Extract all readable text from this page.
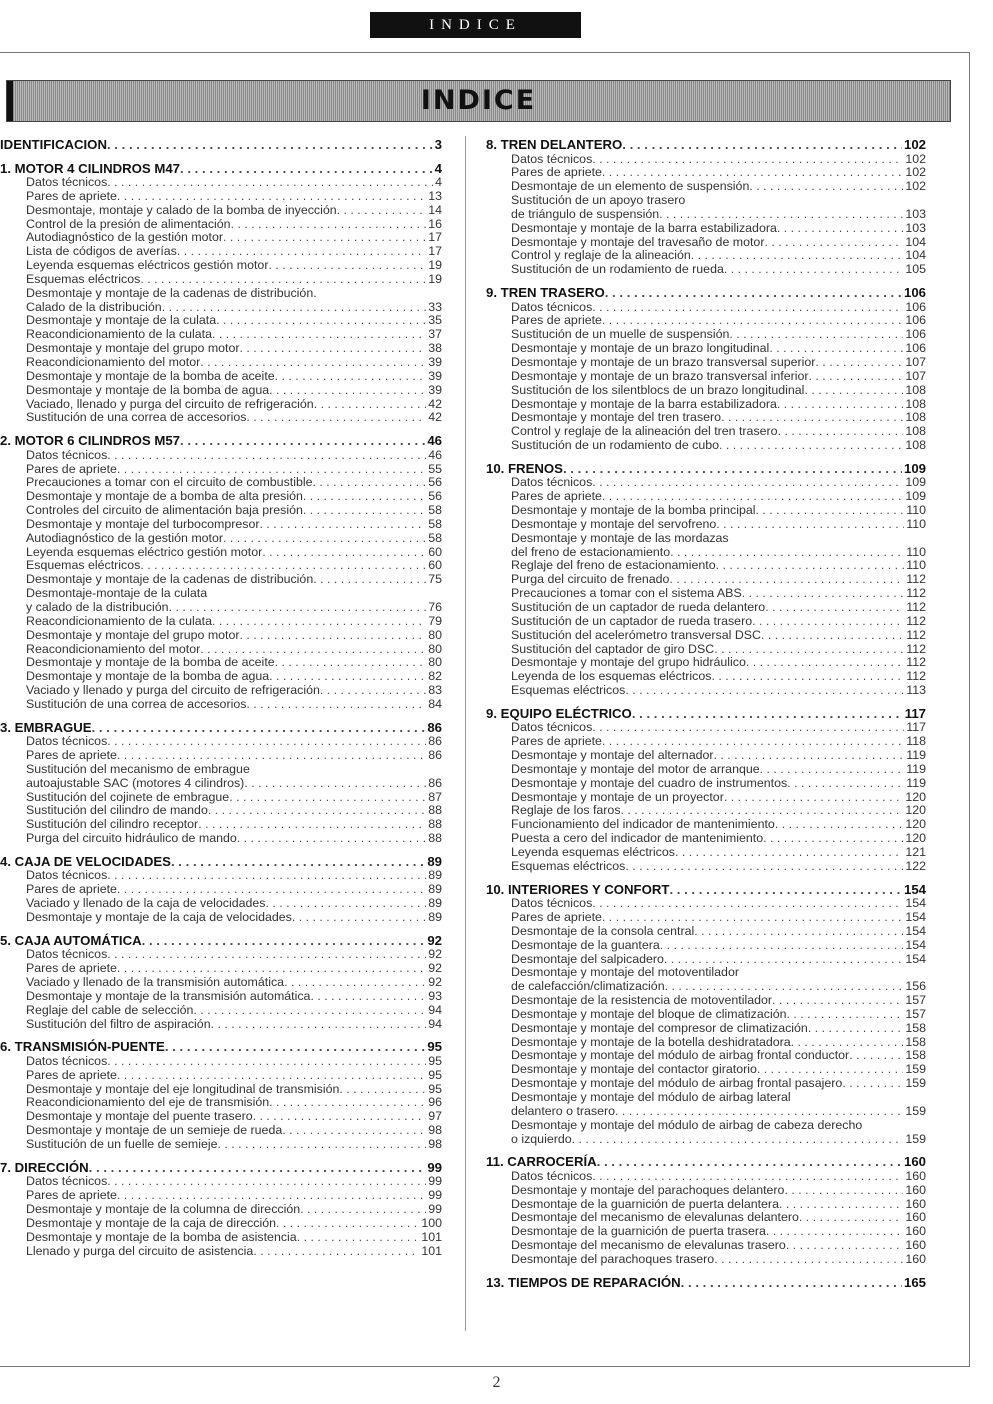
INDICE
INDICE
IDENTIFICACION . . .	3
1. MOTOR 4 CILINDROS M47 . . .	4
Datos técnicos . . .	4
Pares de apriete . . .	13
Desmontaje, montaje y calado de la bomba de inyección . . .	14
Control de la presión de alimentación . . .	16
Autodiagnóstico de la gestión motor . . .	17
Lista de códigos de averías . . .	17
Leyenda esquemas eléctricos gestión motor . . .	19
Esquemas eléctricos . . .	19
Desmontaje y montaje de la cadenas de distribución.
Calado de la distribución . . .	33
Desmontaje y montaje de la culata . . .	35
Reacondicionamiento de la culata . . .	37
Desmontaje y montaje del grupo motor . . .	38
Reacondicionamiento del motor . . .	39
Desmontaje y montaje de la bomba de aceite . . .	39
Desmontaje y montaje de la bomba de agua . . .	39
Vaciado, llenado y purga del circuito de refrigeración . . .	42
Sustitución de una correa de accesorios . . .	42
2. MOTOR 6 CILINDROS M57 . . .	46
Datos técnicos . . .	46
Pares de apriete . . .	55
Precauciones a tomar con el circuito de combustible . . .	56
Desmontaje y montaje de a bomba de alta presión . . .	56
Controles del circuito de alimentación baja presión . . .	58
Desmontaje y montaje del turbocompresor . . .	58
Autodiagnóstico de la gestión motor . . .	58
Leyenda esquemas eléctrico gestión motor . . .	60
Esquemas eléctricos . . .	60
Desmontaje y montaje de la cadenas de distribución . . .	75
Desmontaje-montaje de la culata
y calado de la distribución . . .	76
Reacondicionamiento de la culata . . .	79
Desmontaje y montaje del grupo motor . . .	80
Reacondicionamiento del motor . . .	80
Desmontaje y montaje de la bomba de aceite . . .	80
Desmontaje y montaje de la bomba de agua . . .	82
Vaciado y llenado y purga del circuito de refrigeración . . .	83
Sustitución de una correa de accesorios . . .	84
3. EMBRAGUE . . .	86
Datos técnicos . . .	86
Pares de apriete . . .	86
Sustitución del mecanismo de embrague
autoajustable SAC (motores 4 cilindros) . . .	86
Sustitución del cojinete de embrague . . .	87
Sustitución del cilindro de mando . . .	88
Sustitución del cilindro receptor . . .	88
Purga del circuito hidráulico de mando . . .	88
4. CAJA DE VELOCIDADES . . .	89
Datos técnicos . . .	89
Pares de apriete . . .	89
Vaciado y llenado de la caja de velocidades . . .	89
Desmontaje y montaje de la caja de velocidades . . .	89
5. CAJA AUTOMÁTICA . . .	92
Datos técnicos . . .	92
Pares de apriete . . .	92
Vaciado y llenado de la transmisión automática . . .	92
Desmontaje y montaje de la transmisión automática . . .	93
Reglaje del cable de selección . . .	94
Sustitución del filtro de aspiración . . .	94
6. TRANSMISIÓN-PUENTE . . .	95
Datos técnicos . . .	95
Pares de apriete . . .	95
Desmontaje y montaje del eje longitudinal de transmisión . . .	95
Reacondicionamiento del eje de transmisión . . .	96
Desmontaje y montaje del puente trasero . . .	97
Desmontaje y montaje de un semieje de rueda . . .	98
Sustitución de un fuelle de semieje . . .	98
7. DIRECCIÓN . . .	99
Datos técnicos . . .	99
Pares de apriete . . .	99
Desmontaje y montaje de la columna de dirección . . .	99
Desmontaje y montaje de la caja de dirección . . .	100
Desmontaje y montaje de la bomba de asistencia . . .	101
Llenado y purga del circuito de asistencia . . .	101
8. TREN DELANTERO . . .	102
Datos técnicos . . .	102
Pares de apriete . . .	102
Desmontaje de un elemento de suspensión . . .	102
Sustitución de un apoyo trasero
de triángulo de suspensión . . .	103
Desmontaje y montaje de la barra estabilizadora . . .	103
Desmontaje y montaje del travesaño de motor . . .	104
Control y reglaje de la alineación . . .	104
Sustitución de un rodamiento de rueda . . .	105
9. TREN TRASERO . . .	106
Datos técnicos . . .	106
Pares de apriete . . .	106
Sustitución de un muelle de suspensión . . .	106
Desmontaje y montaje de un brazo longitudinal . . .	106
Desmontaje y montaje de un brazo transversal superior . . .	107
Desmontaje y montaje de un brazo transversal inferior . . .	107
Sustitución de los silentblocs de un brazo longitudinal . . .	108
Desmontaje y montaje de la barra estabilizadora . . .	108
Desmontaje y montaje del tren trasero . . .	108
Control y reglaje de la alineación del tren trasero . . .	108
Sustitución de un rodamiento de cubo . . .	108
10. FRENOS . . .	109
Datos técnicos . . .	109
Pares de apriete . . .	109
Desmontaje y montaje de la bomba principal . . .	110
Desmontaje y montaje del servofreno . . .	110
Desmontaje y montaje de las mordazas
del freno de estacionamiento . . .	110
Reglaje del freno de estacionamiento . . .	110
Purga del circuito de frenado . . .	112
Precauciones a tomar con el sistema ABS . . .	112
Sustitución de un captador de rueda delantero . . .	112
Sustitución de un captador de rueda trasero . . .	112
Sustitución del acelerómetro transversal DSC . . .	112
Sustitución del captador de giro DSC . . .	112
Desmontaje y montaje del grupo hidráulico . . .	112
Leyenda de los esquemas eléctricos . . .	112
Esquemas eléctricos . . .	113
9. EQUIPO ELÉCTRICO . . .	117
Datos técnicos . . .	117
Pares de apriete . . .	118
Desmontaje y montaje del alternador . . .	119
Desmontaje y montaje del motor de arranque . . .	119
Desmontaje y montaje del cuadro de instrumentos . . .	119
Desmontaje y montaje de un proyector . . .	120
Reglaje de los faros . . .	120
Funcionamiento del indicador de mantenimiento . . .	120
Puesta a cero del indicador de mantenimiento . . .	120
Leyenda esquemas eléctricos . . .	121
Esquemas eléctricos . . .	122
10. INTERIORES Y CONFORT . . .	154
Datos técnicos . . .	154
Pares de apriete . . .	154
Desmontaje de la consola central . . .	154
Desmontaje de la guantera . . .	154
Desmontaje del salpicadero . . .	154
Desmontaje y montaje del motoventilador
de calefacción/climatización . . .	156
Desmontaje de la resistencia de motoventilador . . .	157
Desmontaje y montaje del bloque de climatización . . .	157
Desmontaje y montaje del compresor de climatización . . .	158
Desmontaje y montaje de la botella deshidratadora . . .	158
Desmontaje y montaje del módulo de airbag frontal conductor . . .	158
Desmontaje y montaje del contactor giratorio . . .	159
Desmontaje y montaje del módulo de airbag frontal pasajero . . .	159
Desmontaje y montaje del módulo de airbag lateral
delantero o trasero . . .	159
Desmontaje y montaje del módulo de airbag de cabeza derecho
o izquierdo . . .	159
11. CARROCERÍA . . .	160
Datos técnicos . . .	160
Desmontaje y montaje del parachoques delantero . . .	160
Desmontaje de la guarnición de puerta delantera . . .	160
Desmontaje del mecanismo de elevalunas delantero . . .	160
Desmontaje de la guarnición de puerta trasera . . .	160
Desmontaje del mecanismo de elevalunas trasero . . .	160
Desmontaje del parachoques trasero . . .	160
13. TIEMPOS DE REPARACIÓN . . .	165
2
